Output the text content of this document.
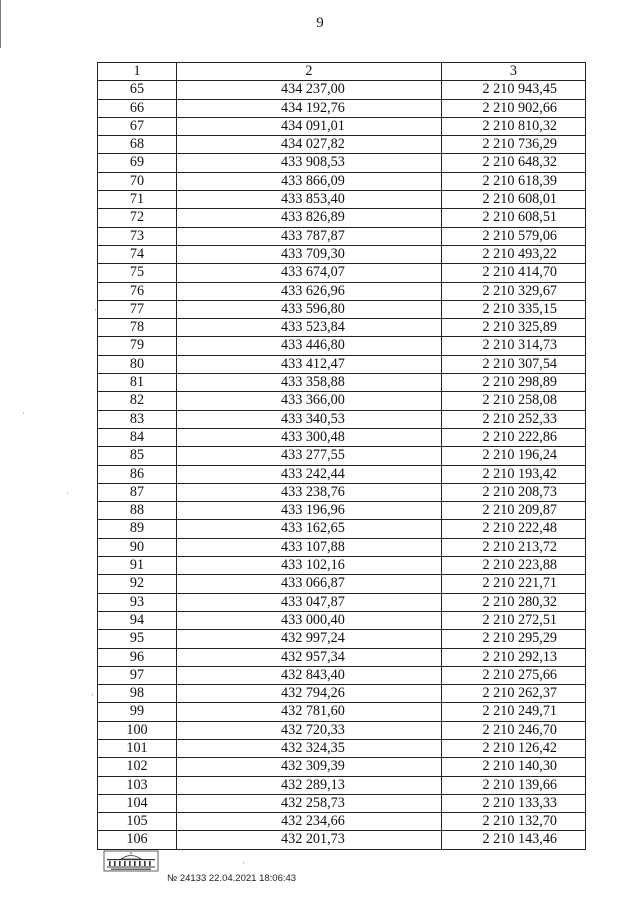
9
1	2	3
65	434 237,00	2 210 943,45
66	434 192,76	2 210 902,66
67	434 091,01	2 210 810,32
68	434 027,82	2 210 736,29
69	433 908,53	2 210 648,32
70	433 866,09	2 210 618,39
71	433 853,40	2 210 608,01
72	433 826,89	2 210 608,51
73	433 787,87	2 210 579,06
74	433 709,30	2 210 493,22
75	433 674,07	2 210 414,70
76	433 626,96	2 210 329,67
77	433 596,80	2 210 335,15
78	433 523,84	2 210 325,89
79	433 446,80	2 210 314,73
80	433 412,47	2 210 307,54
81	433 358,88	2 210 298,89
82	433 366,00	2 210 258,08
83	433 340,53	2 210 252,33
84	433 300,48	2 210 222,86
85	433 277,55	2 210 196,24
86	433 242,44	2 210 193,42
87	433 238,76	2 210 208,73
88	433 196,96	2 210 209,87
89	433 162,65	2 210 222,48
90	433 107,88	2 210 213,72
91	433 102,16	2 210 223,88
92	433 066,87	2 210 221,71
93	433 047,87	2 210 280,32
94	433 000,40	2 210 272,51
95	432 997,24	2 210 295,29
96	432 957,34	2 210 292,13
97	432 843,40	2 210 275,66
98	432 794,26	2 210 262,37
99	432 781,60	2 210 249,71
100	432 720,33	2 210 246,70
101	432 324,35	2 210 126,42
102	432 309,39	2 210 140,30
103	432 289,13	2 210 139,66
104	432 258,73	2 210 133,33
105	432 234,66	2 210 132,70
106	432 201,73	2 210 143,46
№ 24133 22.04.2021 18:06:43
·
·
·
·
·
